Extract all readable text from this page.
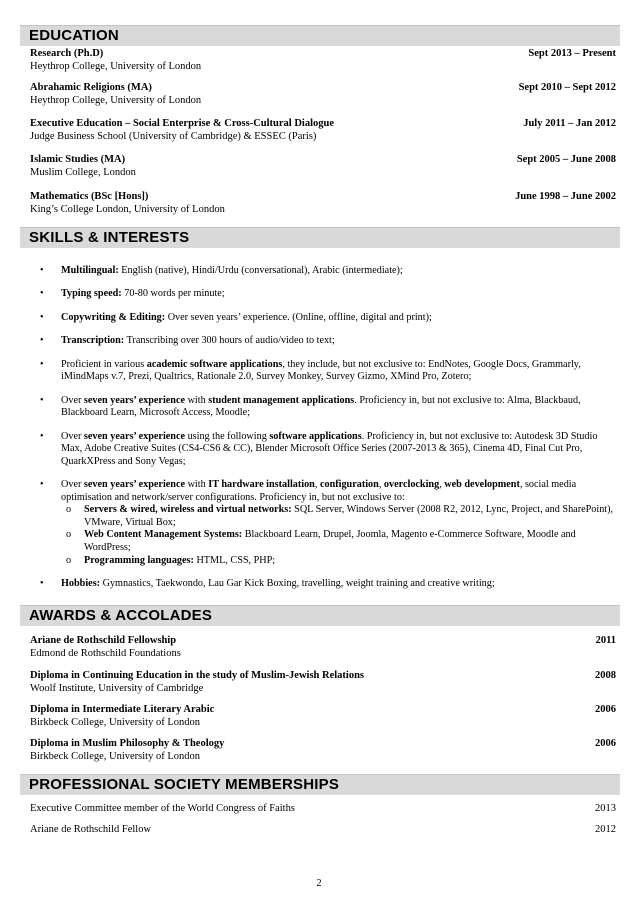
EDUCATION
Research (Ph.D)
Heythrop College, University of London
Sept 2013 – Present
Abrahamic Religions (MA)
Heythrop College, University of London
Sept 2010 – Sept 2012
Executive Education – Social Enterprise & Cross-Cultural Dialogue
Judge Business School (University of Cambridge) & ESSEC (Paris)
July 2011 – Jan 2012
Islamic Studies (MA)
Muslim College, London
Sept 2005 – June 2008
Mathematics (BSc [Hons])
King’s College London, University of London
June 1998 – June 2002
SKILLS & INTERESTS
• Multilingual: English (native), Hindi/Urdu (conversational), Arabic (intermediate);
• Typing speed: 70-80 words per minute;
• Copywriting & Editing: Over seven years’ experience. (Online, offline, digital and print);
• Transcription: Transcribing over 300 hours of audio/video to text;
• Proficient in various academic software applications, they include, but not exclusive to: EndNotes, Google Docs, Grammarly, iMindMaps v.7, Prezi, Qualtrics, Rationale 2.0, Survey Monkey, Survey Gizmo, XMind Pro, Zotero;
• Over seven years’ experience with student management applications. Proficiency in, but not exclusive to: Alma, Blackbaud, Blackboard Learn, Microsoft Access, Moodle;
• Over seven years’ experience using the following software applications. Proficiency in, but not exclusive to: Autodesk 3D Studio Max, Adobe Creative Suites (CS4-CS6 & CC), Blender Microsoft Office Series (2007-2013 & 365), Cinema 4D, Final Cut Pro, QuarkXPress and Sony Vegas;
• Over seven years’ experience with IT hardware installation, configuration, overclocking, web development, social media optimisation and network/server configurations. Proficiency in, but not exclusive to:
o Servers & wired, wireless and virtual networks: SQL Server, Windows Server (2008 R2, 2012, Lync, Project, and SharePoint), VMware, Virtual Box;
o Web Content Management Systems: Blackboard Learn, Drupel, Joomla, Magento e-Commerce Software, Moodle and WordPress;
o Programming languages: HTML, CSS, PHP;
• Hobbies: Gymnastics, Taekwondo, Lau Gar Kick Boxing, travelling, weight training and creative writing;
AWARDS & ACCOLADES
Ariane de Rothschild Fellowship
Edmond de Rothschild Foundations
2011
Diploma in Continuing Education in the study of Muslim-Jewish Relations
Woolf Institute, University of Cambridge
2008
Diploma in Intermediate Literary Arabic
Birkbeck College, University of London
2006
Diploma in Muslim Philosophy & Theology
Birkbeck College, University of London
2006
PROFESSIONAL SOCIETY MEMBERSHIPS
Executive Committee member of the World Congress of Faiths	2013
Ariane de Rothschild Fellow	2012
2
